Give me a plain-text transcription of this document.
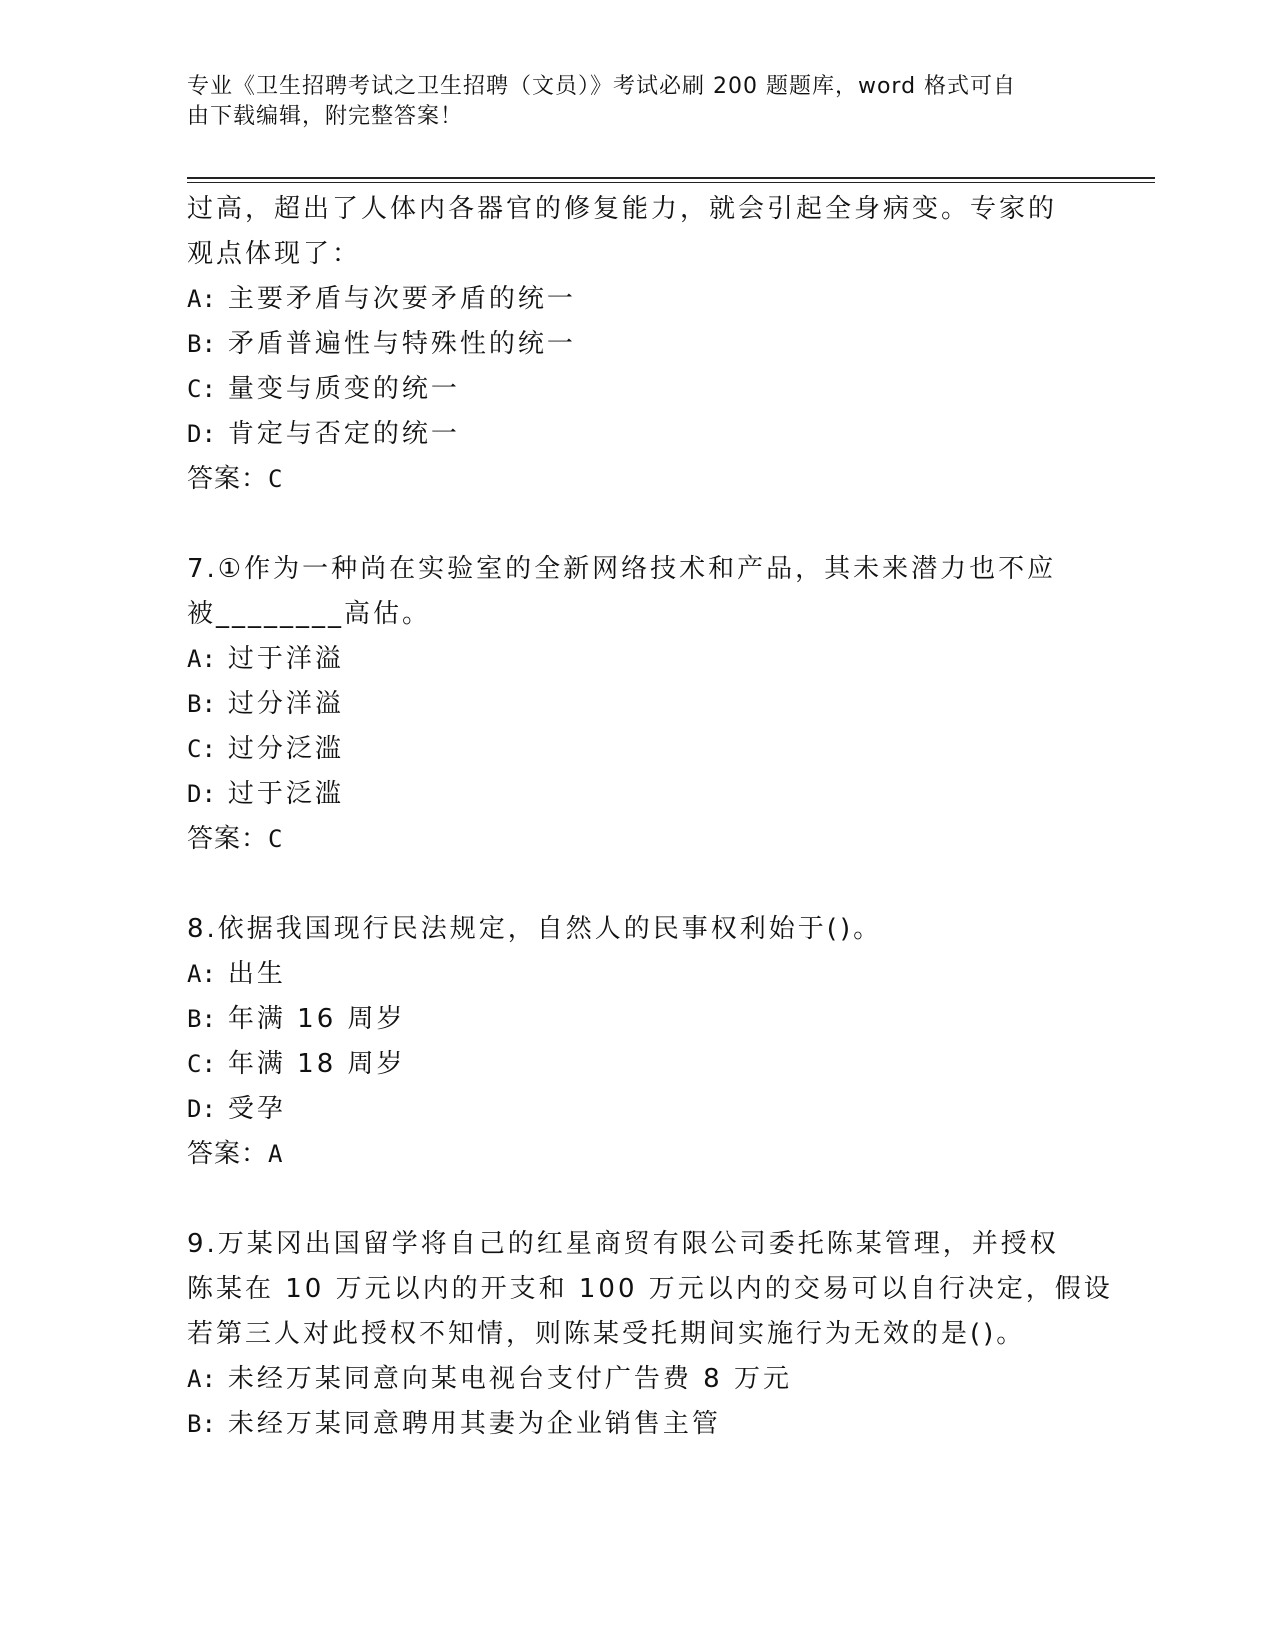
专业《卫生招聘考试之卫生招聘（文员）》考试必刷 200 题题库，word 格式可自
由下载编辑，附完整答案！
过高，超出了人体内各器官的修复能力，就会引起全身病变。专家的
观点体现了：
A: 主要矛盾与次要矛盾的统一
B: 矛盾普遍性与特殊性的统一
C: 量变与质变的统一
D: 肯定与否定的统一
答案：C
7.①作为一种尚在实验室的全新网络技术和产品，其未来潜力也不应
被________高估。
A: 过于洋溢
B: 过分洋溢
C: 过分泛滥
D: 过于泛滥
答案：C
8.依据我国现行民法规定，自然人的民事权利始于()。
A: 出生
B: 年满 16 周岁
C: 年满 18 周岁
D: 受孕
答案：A
9.万某冈出国留学将自己的红星商贸有限公司委托陈某管理，并授权
陈某在 10 万元以内的开支和 100 万元以内的交易可以自行决定，假设
若第三人对此授权不知情，则陈某受托期间实施行为无效的是()。
A: 未经万某同意向某电视台支付广告费 8 万元
B: 未经万某同意聘用其妻为企业销售主管
